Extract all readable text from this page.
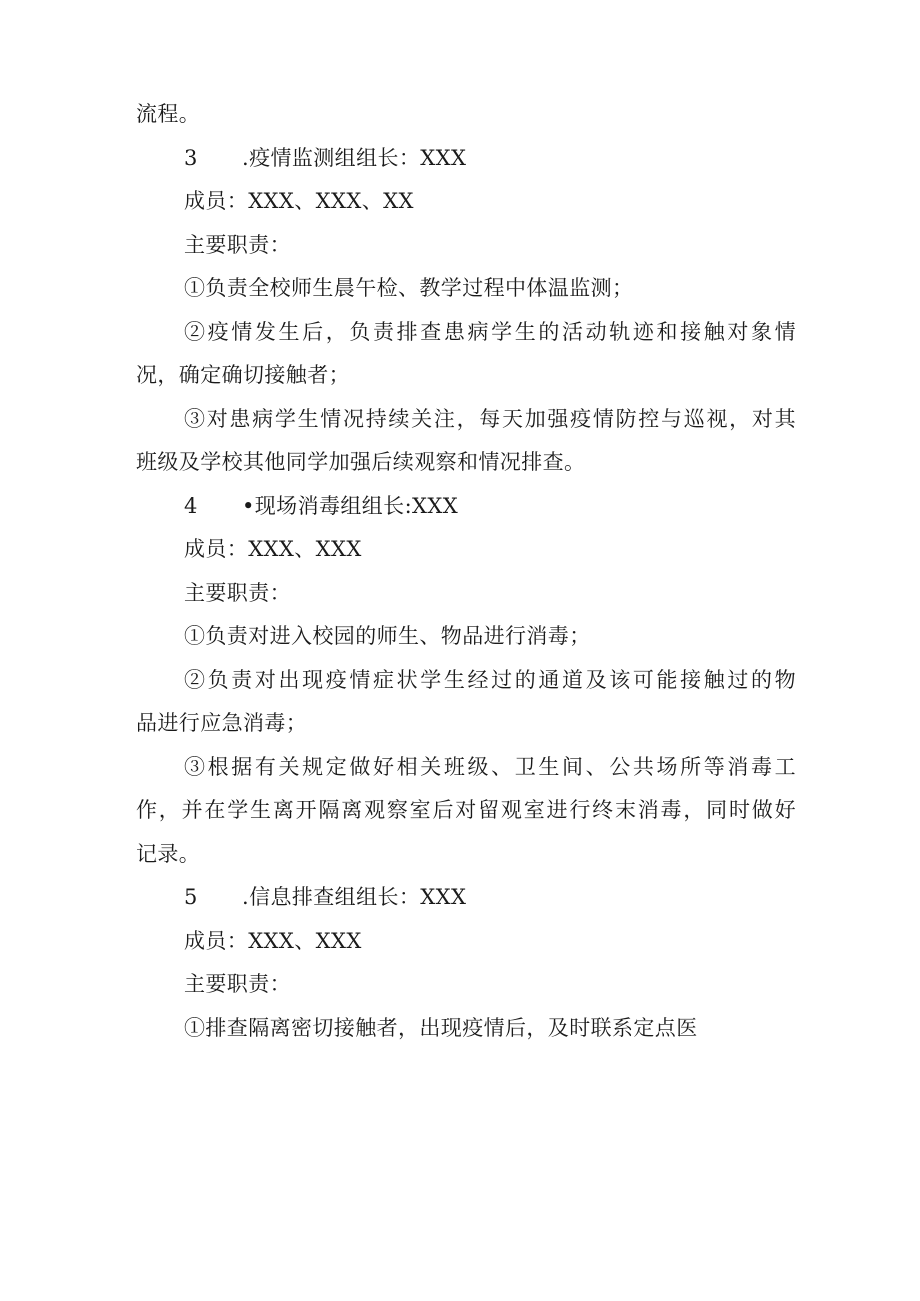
流程。
3 .疫情监测组组长：XXX
成员：XXX、XXX、XX
主要职责：
①负责全校师生晨午检、教学过程中体温监测；
②疫情发生后，负责排查患病学生的活动轨迹和接触对象情
况，确定确切接触者；
③对患病学生情况持续关注，每天加强疫情防控与巡视，对其
班级及学校其他同学加强后续观察和情况排查。
4 •现场消毒组组长:XXX
成员：XXX、XXX
主要职责：
①负责对进入校园的师生、物品进行消毒；
②负责对出现疫情症状学生经过的通道及该可能接触过的物
品进行应急消毒；
③根据有关规定做好相关班级、卫生间、公共场所等消毒工
作，并在学生离开隔离观察室后对留观室进行终末消毒，同时做好
记录。
5 .信息排查组组长：XXX
成员：XXX、XXX
主要职责：
①排查隔离密切接触者，出现疫情后，及时联系定点医
